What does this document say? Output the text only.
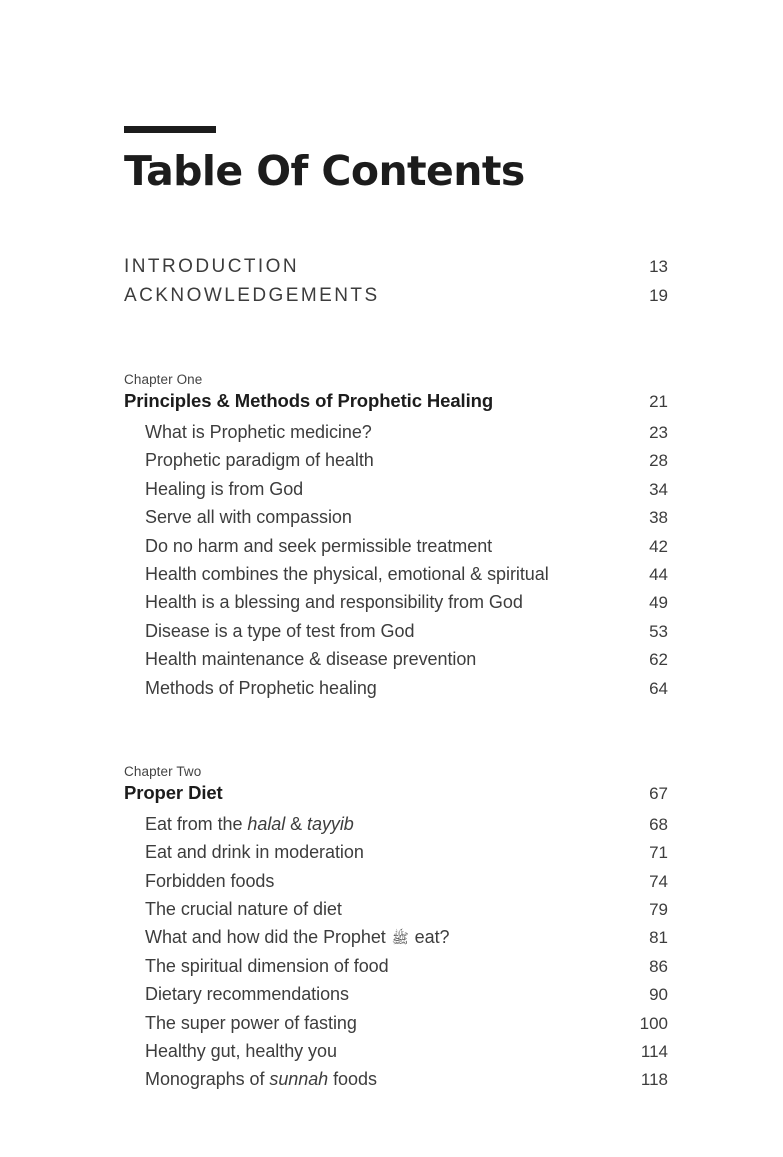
Table Of Contents
INTRODUCTION	13
ACKNOWLEDGEMENTS	19
Chapter One
Principles & Methods of Prophetic Healing	21
What is Prophetic medicine?	23
Prophetic paradigm of health	28
Healing is from God	34
Serve all with compassion	38
Do no harm and seek permissible treatment	42
Health combines the physical, emotional & spiritual	44
Health is a blessing and responsibility from God	49
Disease is a type of test from God	53
Health maintenance & disease prevention	62
Methods of Prophetic healing	64
Chapter Two
Proper Diet	67
Eat from the halal & tayyib	68
Eat and drink in moderation	71
Forbidden foods	74
The crucial nature of diet	79
What and how did the Prophet ﷺ eat?	81
The spiritual dimension of food	86
Dietary recommendations	90
The super power of fasting	100
Healthy gut, healthy you	114
Monographs of sunnah foods	118
